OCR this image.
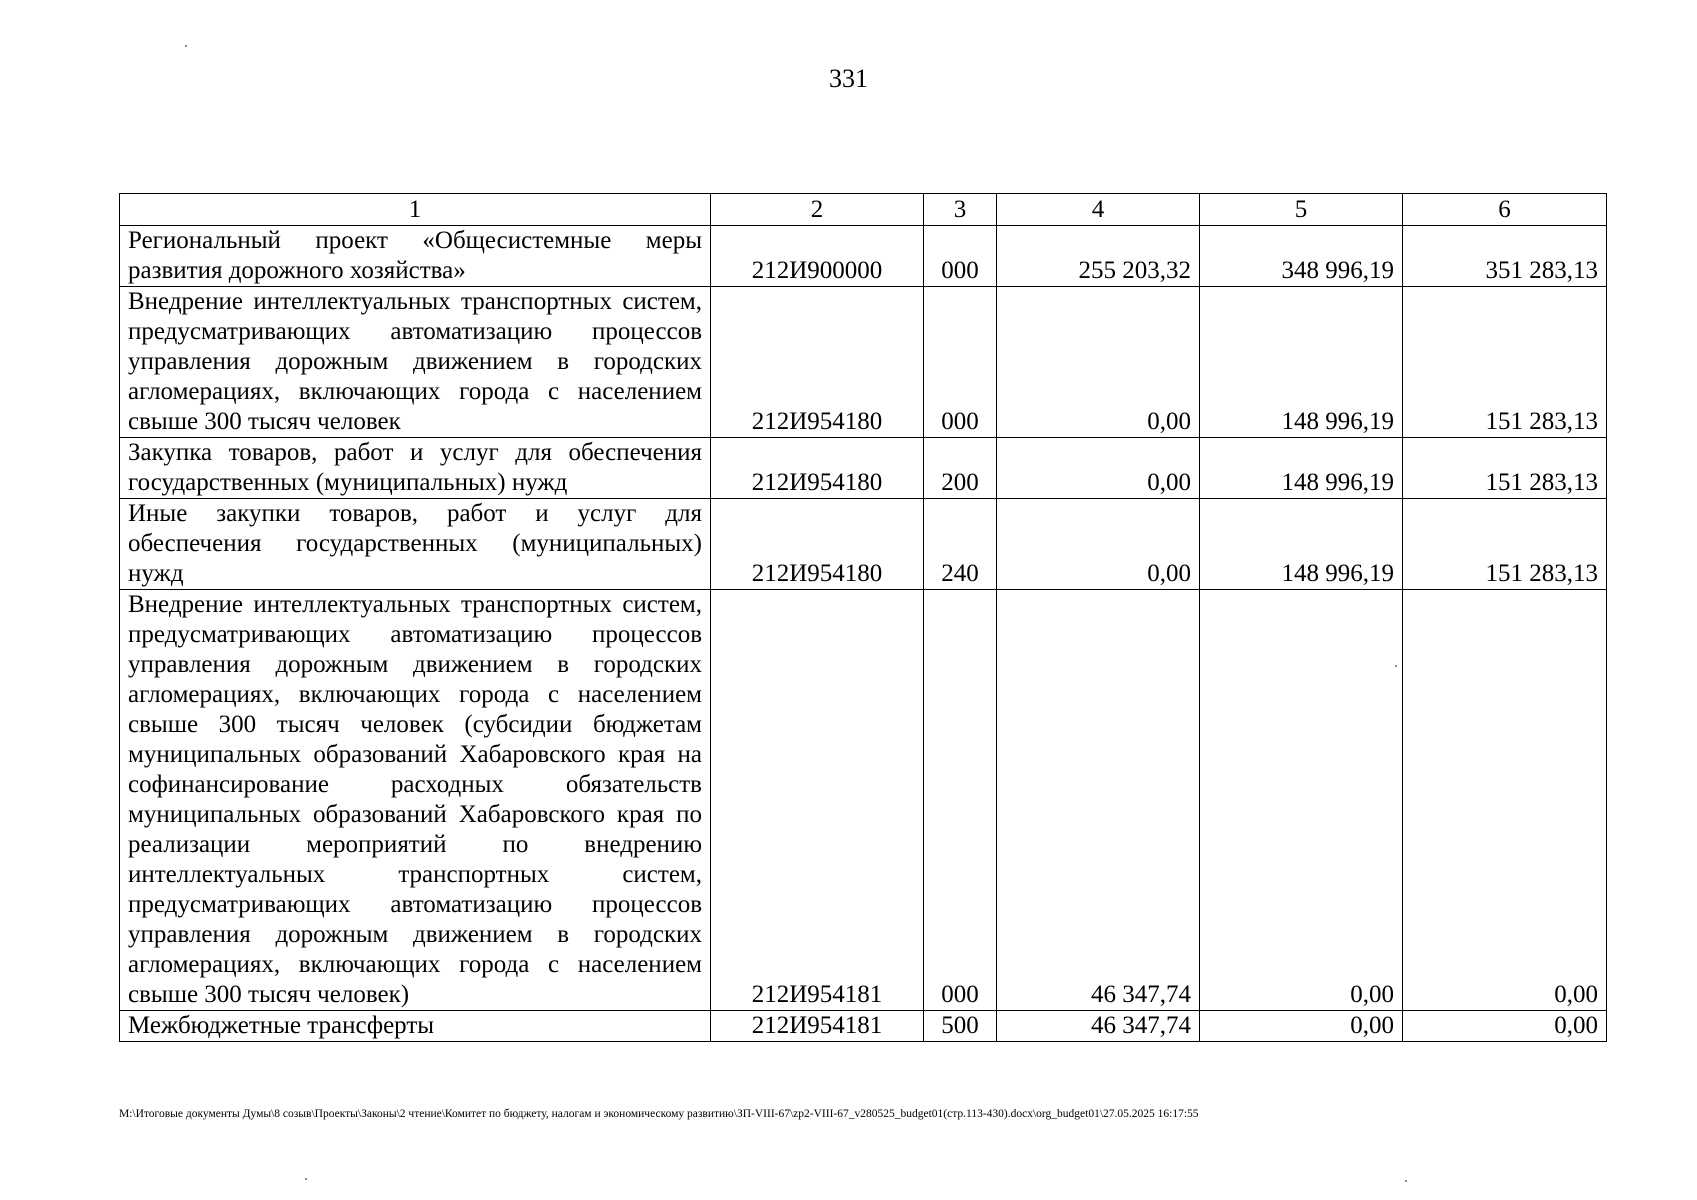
331
1	2	3	4	5	6
Региональный проект «Общесистемные меры развития дорожного хозяйства»	212И900000	000	255 203,32	348 996,19	351 283,13
Внедрение интеллектуальных транспортных систем, предусматривающих автоматизацию процессов управления дорожным движением в городских агломерациях, включающих города с населением свыше 300 тысяч человек	212И954180	000	0,00	148 996,19	151 283,13
Закупка товаров, работ и услуг для обеспечения государственных (муниципальных) нужд	212И954180	200	0,00	148 996,19	151 283,13
Иные закупки товаров, работ и услуг для обеспечения государственных (муниципальных) нужд	212И954180	240	0,00	148 996,19	151 283,13
Внедрение интеллектуальных транспортных систем, предусматривающих автоматизацию процессов управления дорожным движением в городских агломерациях, включающих города с населением свыше 300 тысяч человек (субсидии бюджетам муниципальных образований Хабаровского края на софинансирование расходных обязательств муниципальных образований Хабаровского края по реализации мероприятий по внедрению интеллектуальных транспортных систем, предусматривающих автоматизацию процессов управления дорожным движением в городских агломерациях, включающих города с населением свыше 300 тысяч человек)	212И954181	000	46 347,74	0,00	0,00
Межбюджетные трансферты	212И954181	500	46 347,74	0,00	0,00
M:\Итоговые документы Думы\8 созыв\Проекты\Законы\2 чтение\Комитет по бюджету, налогам и экономическому развитию\ЗП-VIII-67\zp2-VIII-67_v280525_budget01(стр.113-430).docx\org_budget01\27.05.2025 16:17:55
